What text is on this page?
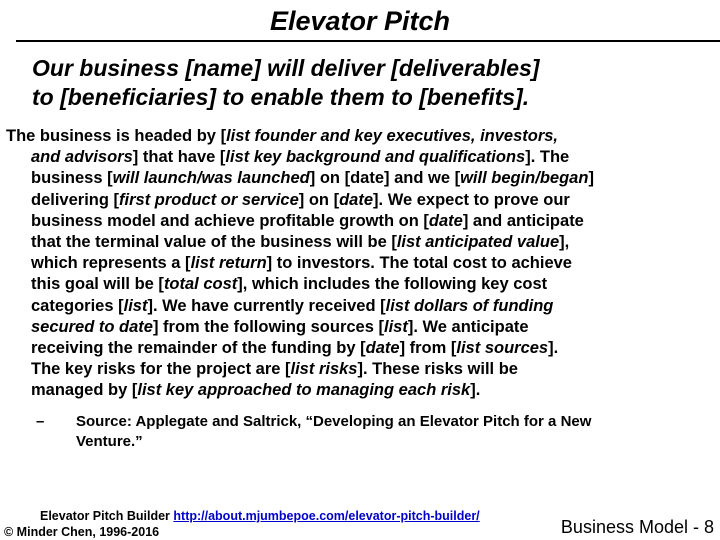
Elevator Pitch
Our business [name] will deliver [deliverables]
to [beneficiaries] to enable them to [benefits].
The business is headed by [list founder and key executives, investors,
and advisors] that have [list key background and qualifications]. The
business [will launch/was launched] on [date] and we [will begin/began]
delivering [first product or service] on [date]. We expect to prove our
business model and achieve profitable growth on [date] and anticipate
that the terminal value of the business will be [list anticipated value],
which represents a [list return] to investors. The total cost to achieve
this goal will be [total cost], which includes the following key cost
categories [list]. We have currently received [list dollars of funding
secured to date] from the following sources [list]. We anticipate
receiving the remainder of the funding by [date] from [list sources].
The key risks for the project are [list risks]. These risks will be
managed by [list key approached to managing each risk].
– Source: Applegate and Saltrick, “Developing an Elevator Pitch for a New
Venture.”
Elevator Pitch Builder http://about.mjumbepoe.com/elevator-pitch-builder/
© Minder Chen, 1996-2016	Business Model - 8
